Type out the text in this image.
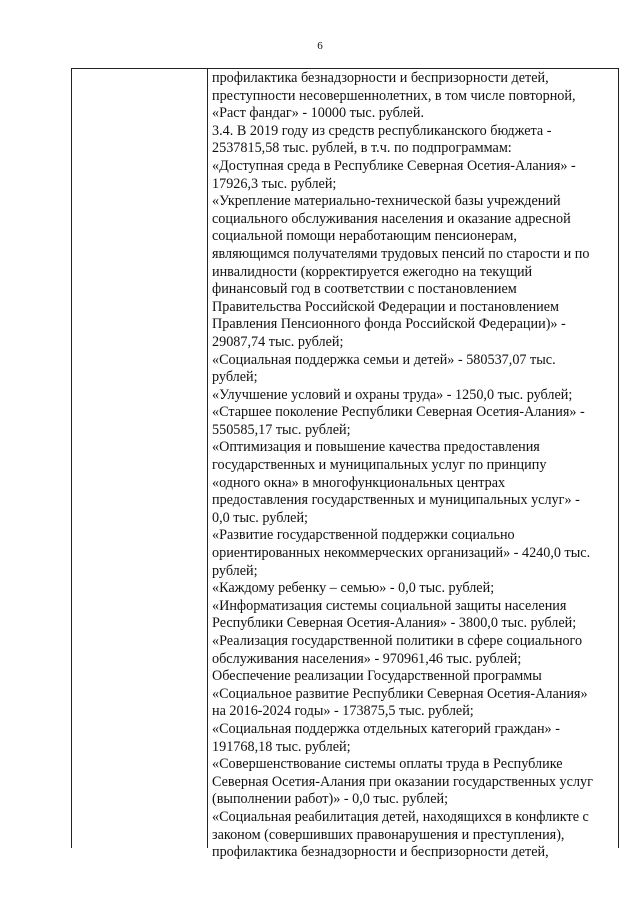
6
профилактика безнадзорности и беспризорности детей,
преступности несовершеннолетних, в том числе повторной,
«Раст фандаг» - 10000 тыс. рублей.
3.4. В 2019 году из средств республиканского бюджета -
2537815,58 тыс. рублей, в т.ч. по подпрограммам:
«Доступная среда в Республике Северная Осетия-Алания» -
17926,3 тыс. рублей;
«Укрепление материально-технической базы учреждений
социального обслуживания населения и оказание адресной
социальной помощи неработающим пенсионерам,
являющимся получателями трудовых пенсий по старости и по
инвалидности (корректируется ежегодно на текущий
финансовый год в соответствии с постановлением
Правительства Российской Федерации и постановлением
Правления Пенсионного фонда Российской Федерации)» -
29087,74 тыс. рублей;
«Социальная поддержка семьи и детей» - 580537,07 тыс.
рублей;
«Улучшение условий и охраны труда» - 1250,0 тыс. рублей;
«Старшее поколение Республики Северная Осетия-Алания» -
550585,17 тыс. рублей;
«Оптимизация и повышение качества предоставления
государственных и муниципальных услуг по принципу
«одного окна» в многофункциональных центрах
предоставления государственных и муниципальных услуг» -
0,0 тыс. рублей;
«Развитие государственной поддержки социально
ориентированных некоммерческих организаций» - 4240,0 тыс.
рублей;
«Каждому ребенку – семью» - 0,0 тыс. рублей;
«Информатизация системы социальной защиты населения
Республики Северная Осетия-Алания» - 3800,0 тыс. рублей;
«Реализация государственной политики в сфере социального
обслуживания населения» - 970961,46 тыс. рублей;
Обеспечение реализации Государственной программы
«Социальное развитие Республики Северная Осетия-Алания»
на 2016-2024 годы» - 173875,5 тыс. рублей;
«Социальная поддержка отдельных категорий граждан» -
191768,18 тыс. рублей;
«Совершенствование системы оплаты труда в Республике
Северная Осетия-Алания при оказании государственных услуг
(выполнении работ)» - 0,0 тыс. рублей;
«Социальная реабилитация детей, находящихся в конфликте с
законом (совершивших правонарушения и преступления),
профилактика безнадзорности и беспризорности детей,
